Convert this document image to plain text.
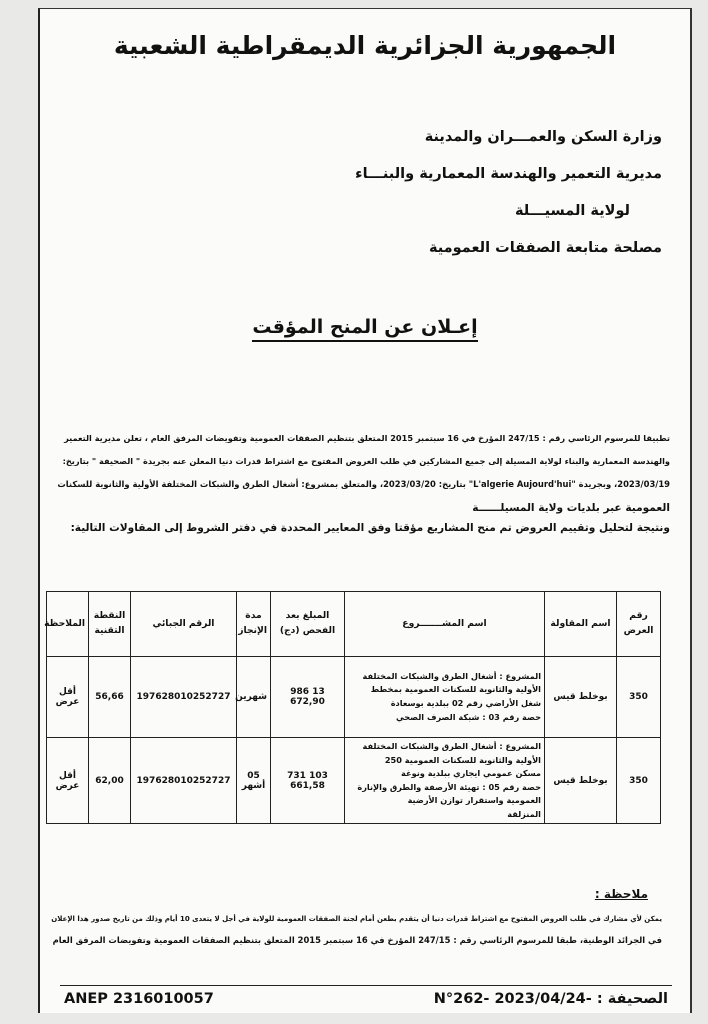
الجمهورية الجزائرية الديمقراطية الشعبية
وزارة السكن والعمـــران والمدينة
مديرية التعمير والهندسة المعمارية والبنـــاء
لولاية المسيـــلة
مصلحة متابعة الصفقات العمومية
إعـلان عن المنح المؤقت
تطبيقا للمرسوم الرئاسي رقم : 247/15 المؤرخ في 16 سبتمبر 2015 المتعلق بتنظيم الصفقات العمومية وتفويضات المرفق العام ، تعلن مديرية التعمير
والهندسة المعمارية والبناء لولاية المسيلة إلى جميع المشاركين في طلب العروض المفتوح مع اشتراط قدرات دنيا المعلن عنه بجريدة " الصحيفة " بتاريخ:
2023/03/19، وبجريدة "L'algerie Aujourd'hui" بتاريخ: 2023/03/20، والمتعلق بمشروع: أشغال الطرق والشبكات المختلفة الأولية والثانوية للسكنات
العمومية عبر بلديات ولاية المسيلــــــة
ونتيجة لتحليل وتقييم العروض تم منح المشاريع مؤقتا وفق المعايير المحددة في دفتر الشروط إلى المقاولات التالية:
رقم العرض	اسم المقاولة	اسم المشـــــــروع	المبلغ بعد الفحص (دج)	مدة الإنجاز	الرقم الجبائي	النقطة التقنية	الملاحظة
350	بوخلط قيس	المشروع : أشغال الطرق والشبكات المختلفة الأولية والثانوية للسكنات العمومية بمخطط
شغل الأراضي رقم 02 ببلدية بوسعادة
حصة رقم 03 : شبكة الصرف الصحي	13 986 672,90	شهرين	197628010252727	56,66	أقل عرض
350	بوخلط قيس	المشروع : أشغال الطرق والشبكات المختلفة الأولية والثانوية للسكنات العمومية 250
مسكن عمومي ايجاري ببلدية ونوغة
حصة رقم 05 : تهيئة الأرصفة والطرق والإنارة العمومية واستقرار توازن الأرضية
المنزلقة	103 731 661,58	05 أشهر	197628010252727	62,00	أقل عرض
ملاحظة :
يمكن لأي مشارك في طلب العروض المفتوح مع اشتراط قدرات دنيا أن يتقدم بطعن أمام لجنة الصفقات العمومية للولاية في أجل لا يتعدى 10 أيام وذلك من تاريخ صدور هذا الإعلان
في الجرائد الوطنية، طبقا للمرسوم الرئاسي رقم : 247/15 المؤرخ في 16 سبتمبر 2015 المتعلق بتنظيم الصفقات العمومية وتفويضات المرفق العام
ANEP 2316010057	الصحيفة : -N°262- 2023/04/24
